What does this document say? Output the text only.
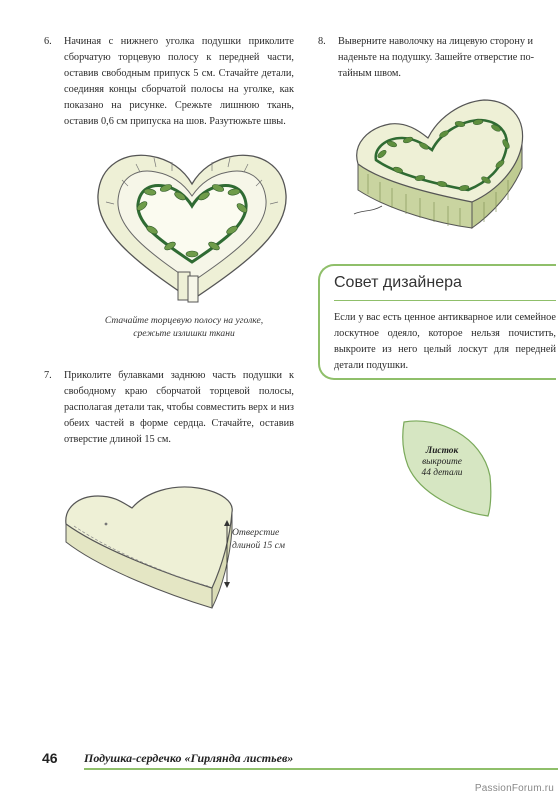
6. Начиная с нижнего уголка подушки приколите сборчатую торцевую полосу к передней части, оставив свободным припуск 5 см. Стачайте детали, соединяя концы сборчатой полосы на уголке, как показано на рисунке. Срежьте лишнюю ткань, оставив 0,6 см припуска на шов. Разутюжьте швы.
Стачайте торцевую полосу на уголке,
срежьте излишки ткани
7. Приколите булавками заднюю часть подушки к свободному краю сборчатой торцевой полосы, располагая детали так, чтобы совместить верх и низ обеих частей в форме сердца. Стачайте, оставив отверстие длиной 15 см.
Отверстие
длиной 15 см
8. Выверните наволочку на лицевую сторону и
наденьте на подушку. Зашейте отверстие по-
тайным швом.
Совет дизайнера
Если у вас есть ценное антикварное или семейное лоскутное одеяло, которое нельзя почистить, выкроите из него целый лоскут для передней детали подушки.
Листок
выкроите
44 детали
46 Подушка-сердечко «Гирлянда листьев»
PassionForum.ru
